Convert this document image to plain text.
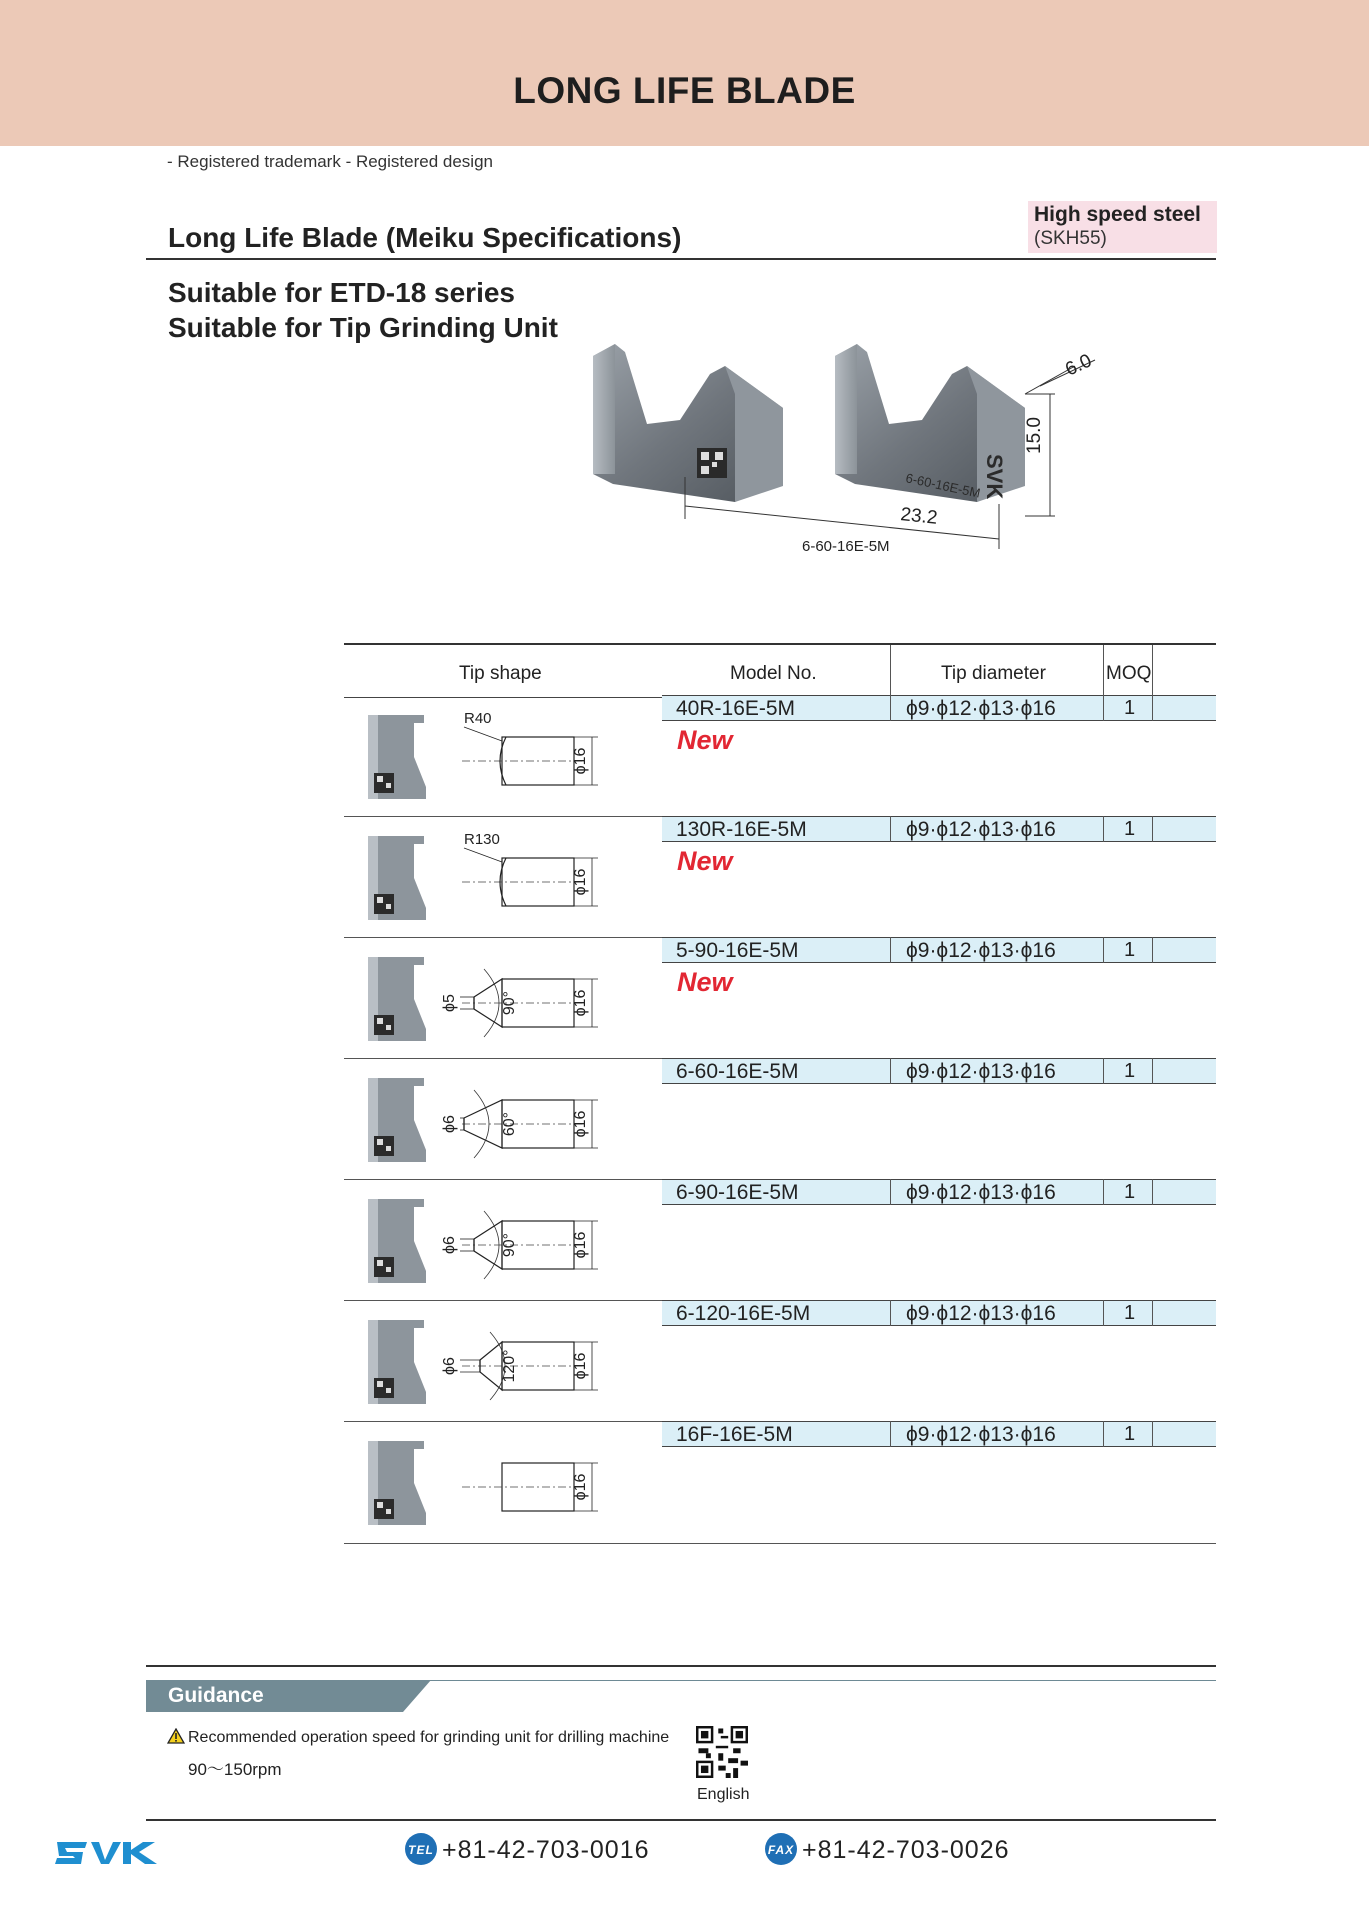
LONG LIFE BLADE
- Registered trademark - Registered design
Long Life Blade (Meiku Specifications)
High speed steel
(SKH55)
Suitable for ETD-18 series
Suitable for Tip Grinding Unit
SVK
6-60-16E-5M
23.2
15.0
6.0
6-60-16E-5M
Tip shape	Model No.	Tip diameter	MOQ
40R-16E-5M	ϕ9·ϕ12·ϕ13·ϕ16	1
New
ϕ16
R40
130R-16E-5M	ϕ9·ϕ12·ϕ13·ϕ16	1
New
ϕ16
R130
5-90-16E-5M	ϕ9·ϕ12·ϕ13·ϕ16	1
New
ϕ16
ϕ5	90°
6-60-16E-5M	ϕ9·ϕ12·ϕ13·ϕ16	1
ϕ16
ϕ6	60°
6-90-16E-5M	ϕ9·ϕ12·ϕ13·ϕ16	1
ϕ16
ϕ6	90°
6-120-16E-5M	ϕ9·ϕ12·ϕ13·ϕ16	1
ϕ16
ϕ6	120°
16F-16E-5M	ϕ9·ϕ12·ϕ13·ϕ16	1
ϕ16
Guidance
Recommended operation speed for grinding unit for drilling machine
90～150rpm
English
TEL +81-42-703-0016	FAX +81-42-703-0026
